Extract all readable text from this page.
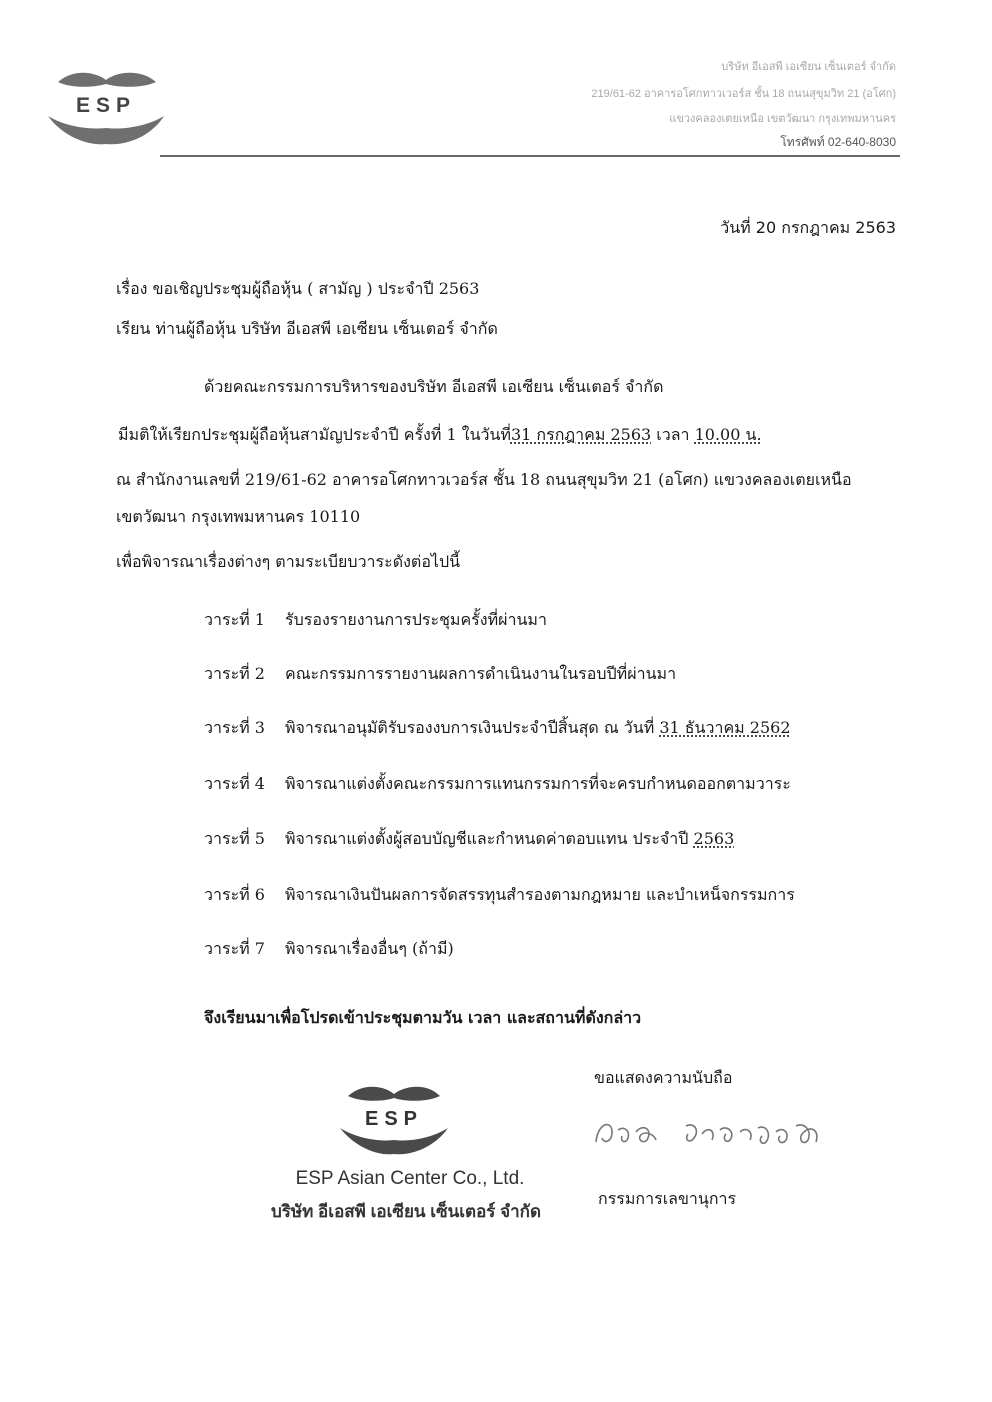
ESP
บริษัท อีเอสพี เอเซียน เซ็นเตอร์ จำกัด
219/61-62 อาคารอโศกทาวเวอร์ส ชั้น 18 ถนนสุขุมวิท 21 (อโศก)
แขวงคลองเตยเหนือ เขตวัฒนา กรุงเทพมหานคร
โทรศัพท์ 02-640-8030
วันที่ 20 กรกฎาคม 2563
เรื่อง ขอเชิญประชุมผู้ถือหุ้น ( สามัญ ) ประจำปี 2563
เรียน ท่านผู้ถือหุ้น บริษัท อีเอสพี เอเซียน เซ็นเตอร์ จำกัด
ด้วยคณะกรรมการบริหารของบริษัท อีเอสพี เอเซียน เซ็นเตอร์ จำกัด
มีมติให้เรียกประชุมผู้ถือหุ้นสามัญประจำปี ครั้งที่ 1 ในวันที่31 กรกฎาคม 2563 เวลา 10.00 น.
ณ สำนักงานเลขที่ 219/61-62 อาคารอโศกทาวเวอร์ส ชั้น 18 ถนนสุขุมวิท 21 (อโศก) แขวงคลองเตยเหนือ
เขตวัฒนา กรุงเทพมหานคร 10110
เพื่อพิจารณาเรื่องต่างๆ ตามระเบียบวาระดังต่อไปนี้
วาระที่ 1 รับรองรายงานการประชุมครั้งที่ผ่านมา
วาระที่ 2 คณะกรรมการรายงานผลการดำเนินงานในรอบปีที่ผ่านมา
วาระที่ 3 พิจารณาอนุมัติรับรองงบการเงินประจำปีสิ้นสุด ณ วันที่ 31 ธันวาคม 2562
วาระที่ 4 พิจารณาแต่งตั้งคณะกรรมการแทนกรรมการที่จะครบกำหนดออกตามวาระ
วาระที่ 5 พิจารณาแต่งตั้งผู้สอบบัญชีและกำหนดค่าตอบแทน ประจำปี 2563
วาระที่ 6 พิจารณาเงินปันผลการจัดสรรทุนสำรองตามกฎหมาย และบำเหน็จกรรมการ
วาระที่ 7 พิจารณาเรื่องอื่นๆ (ถ้ามี)
จึงเรียนมาเพื่อโปรดเข้าประชุมตามวัน เวลา และสถานที่ดังกล่าว
ขอแสดงความนับถือ
กรรมการเลขานุการ
ESP
ESP Asian Center Co., Ltd.
บริษัท อีเอสพี เอเซียน เซ็นเตอร์ จำกัด
